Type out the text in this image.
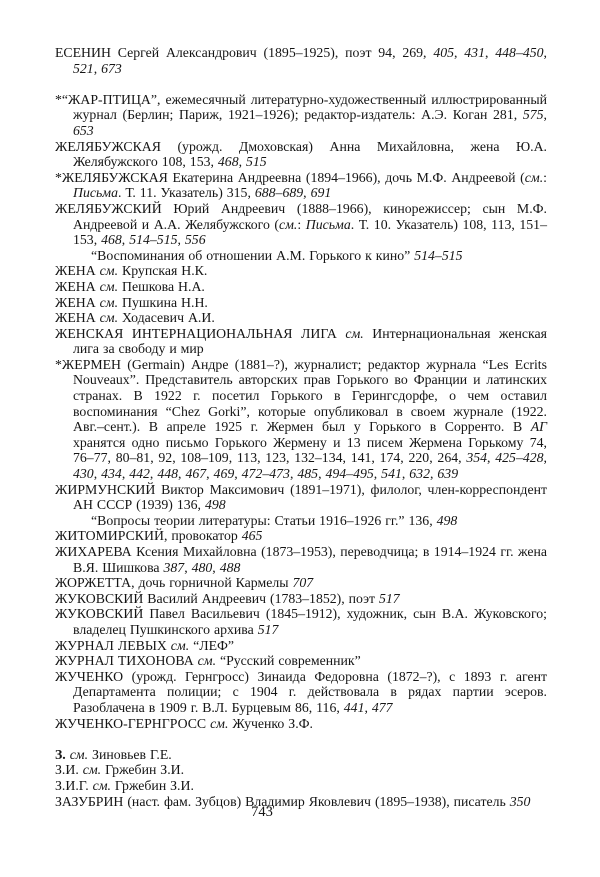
ЕСЕНИН Сергей Александрович (1895–1925), поэт 94, 269, 405, 431, 448–450, 521, 673

*“ЖАР-ПТИЦА”, ежемесячный литературно-художественный иллюстрированный журнал (Берлин; Париж, 1921–1926); редактор-издатель: А.Э. Коган 281, 575, 653

ЖЕЛЯБУЖСКАЯ (урожд. Дмоховская) Анна Михайловна, жена Ю.А. Желябужского 108, 153, 468, 515

*ЖЕЛЯБУЖСКАЯ Екатерина Андреевна (1894–1966), дочь М.Ф. Андреевой (см.: Письма. Т. 11. Указатель) 315, 688–689, 691

ЖЕЛЯБУЖСКИЙ Юрий Андреевич (1888–1966), кинорежиссер; сын М.Ф. Андреевой и А.А. Желябужского (см.: Письма. Т. 10. Указатель) 108, 113, 151–153, 468, 514–515, 556

“Воспоминания об отношении А.М. Горького к кино” 514–515

ЖЕНА см. Крупская Н.К.

ЖЕНА см. Пешкова Н.А.

ЖЕНА см. Пушкина Н.Н.

ЖЕНА см. Ходасевич А.И.

ЖЕНСКАЯ ИНТЕРНАЦИОНАЛЬНАЯ ЛИГА см. Интернациональная женская лига за свободу и мир

*ЖЕРМЕН (Germain) Андре (1881–?), журналист; редактор журнала “Les Ecrits Nouveaux”. Представитель авторских прав Горького во Франции и латинских странах. В 1922 г. посетил Горького в Герингсдорфе, о чем оставил воспоминания “Chez Gorki”, которые опубликовал в своем журнале (1922. Авг.–сент.). В апреле 1925 г. Жермен был у Горького в Сорренто. В АГ хранятся одно письмо Горького Жермену и 13 писем Жермена Горькому 74, 76–77, 80–81, 92, 108–109, 113, 123, 132–134, 141, 174, 220, 264, 354, 425–428, 430, 434, 442, 448, 467, 469, 472–473, 485, 494–495, 541, 632, 639

ЖИРМУНСКИЙ Виктор Максимович (1891–1971), филолог, член-корреспондент АН СССР (1939) 136, 498

“Вопросы теории литературы: Статьи 1916–1926 гг.” 136, 498

ЖИТОМИРСКИЙ, провокатор 465

ЖИХАРЕВА Ксения Михайловна (1873–1953), переводчица; в 1914–1924 гг. жена В.Я. Шишкова 387, 480, 488

ЖОРЖЕТТА, дочь горничной Кармелы 707

ЖУКОВСКИЙ Василий Андреевич (1783–1852), поэт 517

ЖУКОВСКИЙ Павел Васильевич (1845–1912), художник, сын В.А. Жуковского; владелец Пушкинского архива 517

ЖУРНАЛ ЛЕВЫХ см. “ЛЕФ”

ЖУРНАЛ ТИХОНОВА см. “Русский современник”

ЖУЧЕНКО (урожд. Гернгросс) Зинаида Федоровна (1872–?), с 1893 г. агент Департамента полиции; с 1904 г. действовала в рядах партии эсеров. Разоблачена в 1909 г. В.Л. Бурцевым 86, 116, 441, 477

ЖУЧЕНКО-ГЕРНГРОСС см. Жученко З.Ф.

З. см. Зиновьев Г.Е.

З.И. см. Гржебин З.И.

З.И.Г. см. Гржебин З.И.

ЗАЗУБРИН (наст. фам. Зубцов) Владимир Яковлевич (1895–1938), писатель 350

743
